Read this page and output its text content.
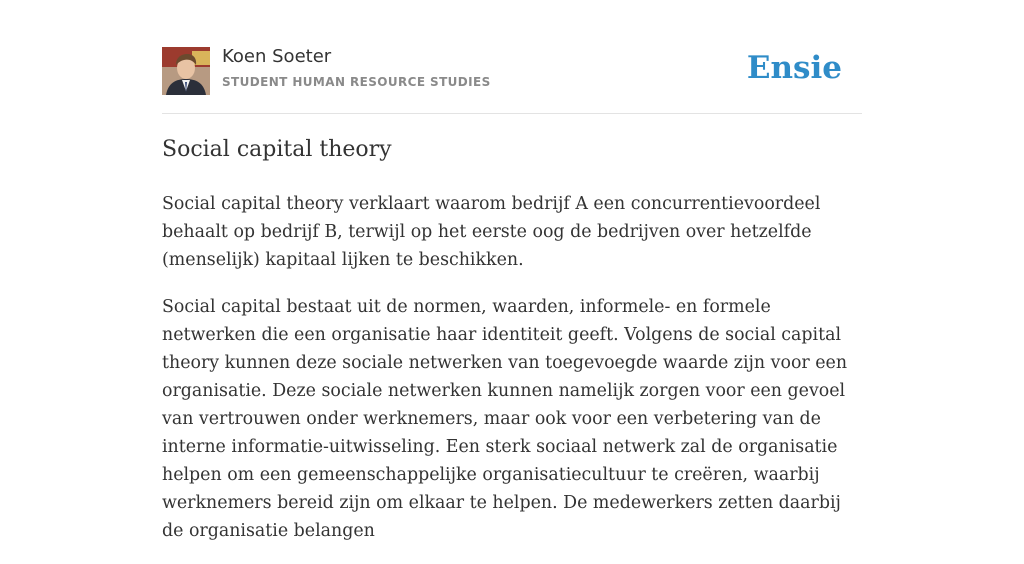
Koen Soeter
STUDENT HUMAN RESOURCE STUDIES	Ensie
Social capital theory

Social capital theory verklaart waarom bedrijf A een concurrentievoordeel behaalt op bedrijf B, terwijl op het eerste oog de bedrijven over hetzelfde (menselijk) kapitaal lijken te beschikken.

Social capital bestaat uit de normen, waarden, informele- en formele netwerken die een organisatie haar identiteit geeft. Volgens de social capital theory kunnen deze sociale netwerken van toegevoegde waarde zijn voor een organisatie. Deze sociale netwerken kunnen namelijk zorgen voor een gevoel van vertrouwen onder werknemers, maar ook voor een verbetering van de interne informatie-uitwisseling. Een sterk sociaal netwerk zal de organisatie helpen om een gemeenschappelijke organisatiecultuur te creëren, waarbij werknemers bereid zijn om elkaar te helpen. De medewerkers zetten daarbij de organisatie belangen
